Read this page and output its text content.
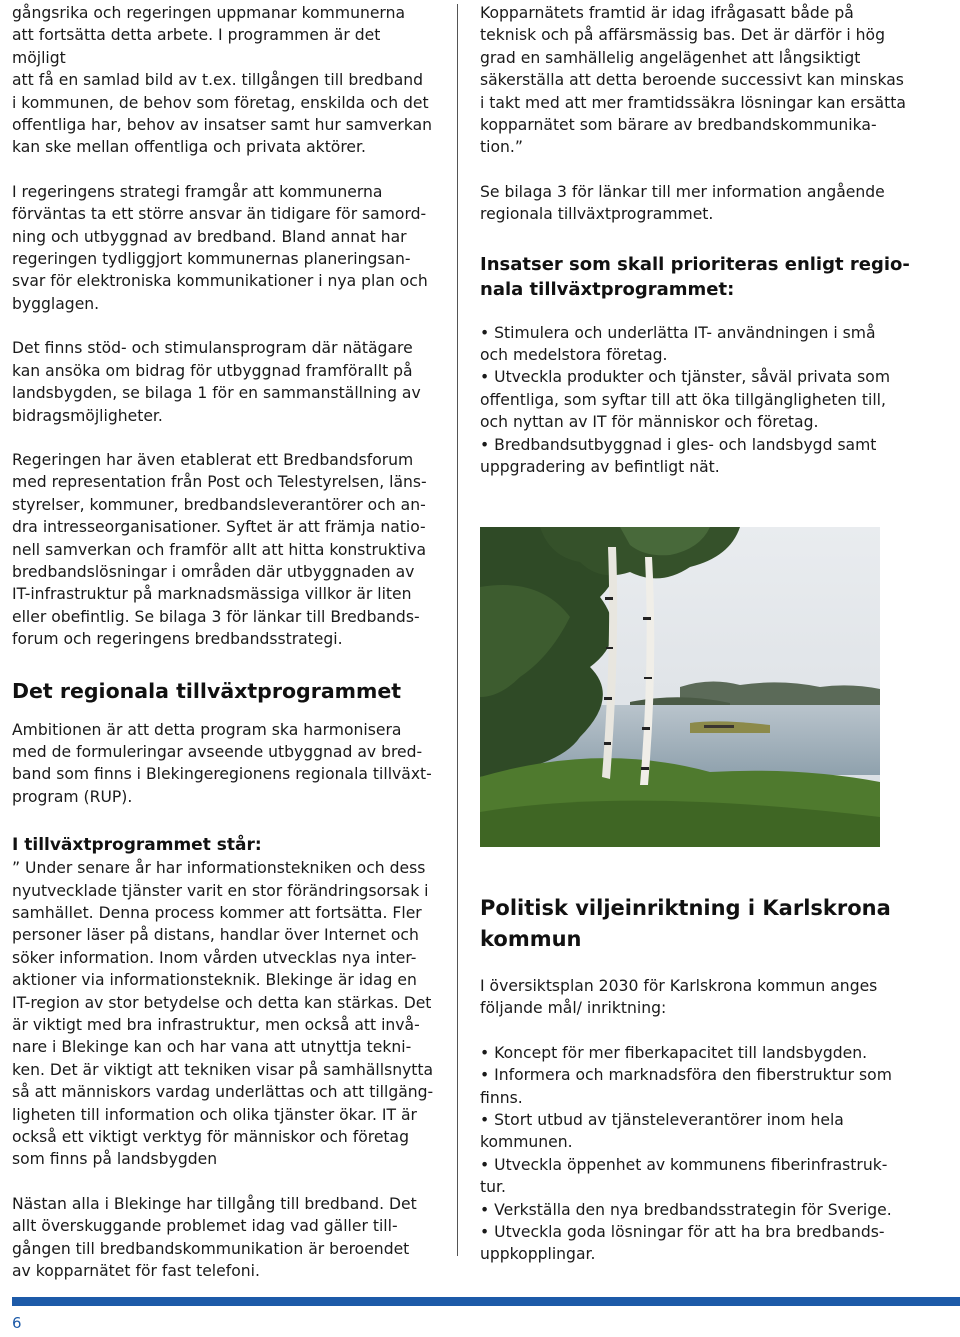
gångsrika och regeringen uppmanar kommunerna
att fortsätta detta arbete. I programmen är det möjligt
att få en samlad bild av t.ex. tillgången till bredband
i kommunen, de behov som företag, enskilda och det
offentliga har, behov av insatser samt hur samverkan
kan ske mellan offentliga och privata aktörer.

I regeringens strategi framgår att kommunerna
förväntas ta ett större ansvar än tidigare för samord-
ning och utbyggnad av bredband. Bland annat har
regeringen tydliggjort kommunernas planeringsan-
svar för elektroniska kommunikationer i nya plan och
bygglagen.

Det finns stöd- och stimulansprogram där nätägare
kan ansöka om bidrag för utbyggnad framförallt på
landsbygden, se bilaga 1 för en sammanställning av
bidragsmöjligheter.

Regeringen har även etablerat ett Bredbandsforum
med representation från Post och Telestyrelsen, läns-
styrelser, kommuner, bredbandsleverantörer och an-
dra intresseorganisationer. Syftet är att främja natio-
nell samverkan och framför allt att hitta konstruktiva
bredbandslösningar i områden där utbyggnaden av
IT-infrastruktur på marknadsmässiga villkor är liten
eller obefintlig. Se bilaga 3 för länkar till Bredbands-
forum och regeringens bredbandsstrategi.

Det regionala tillväxtprogrammet

Ambitionen är att detta program ska harmonisera
med de formuleringar avseende utbyggnad av bred-
band som finns i Blekingeregionens regionala tillväxt-
program (RUP).

I tillväxtprogrammet står:

” Under senare år har informationstekniken och dess
nyutvecklade tjänster varit en stor förändringsorsak i
samhället. Denna process kommer att fortsätta. Fler
personer läser på distans, handlar över Internet och
söker information. Inom vården utvecklas nya inter-
aktioner via informationsteknik. Blekinge är idag en
IT-region av stor betydelse och detta kan stärkas. Det
är viktigt med bra infrastruktur, men också att invå-
nare i Blekinge kan och har vana att utnyttja tekni-
ken. Det är viktigt att tekniken visar på samhällsnytta
så att människors vardag underlättas och att tillgäng-
ligheten till information och olika tjänster ökar. IT är
också ett viktigt verktyg för människor och företag
som finns på landsbygden

Nästan alla i Blekinge har tillgång till bredband. Det
allt överskuggande problemet idag vad gäller till-
gången till bredbandskommunikation är beroendet
av kopparnätet för fast telefoni.

Kopparnätets framtid är idag ifrågasatt både på
teknisk och på affärsmässig bas. Det är därför i hög
grad en samhällelig angelägenhet att långsiktigt
säkerställa att detta beroende successivt kan minskas
i takt med att mer framtidssäkra lösningar kan ersätta
kopparnätet som bärare av bredbandskommunika-
tion.”

Se bilaga 3 för länkar till mer information angående
regionala tillväxtprogrammet.

Insatser som skall prioriteras enligt regio-
nala tillväxtprogrammet:
• Stimulera och underlätta IT- användningen i små
och medelstora företag.
• Utveckla produkter och tjänster, såväl privata som
offentliga, som syftar till att öka tillgängligheten till,
och nyttan av IT för människor och företag.
• Bredbandsutbyggnad i gles- och landsbygd samt
uppgradering av befintligt nät.
Politisk viljeinriktning i Karlskrona
kommun

I översiktsplan 2030 för Karlskrona kommun anges
följande mål/ inriktning:

• Koncept för mer fiberkapacitet till landsbygden.
• Informera och marknadsföra den fiberstruktur som
finns.
• Stort utbud av tjänsteleverantörer inom hela
kommunen.
• Utveckla öppenhet av kommunens fiberinfrastruk-
tur.
• Verkställa den nya bredbandsstrategin för Sverige.
• Utveckla goda lösningar för att ha bra bredbands-
uppkopplingar.
6
